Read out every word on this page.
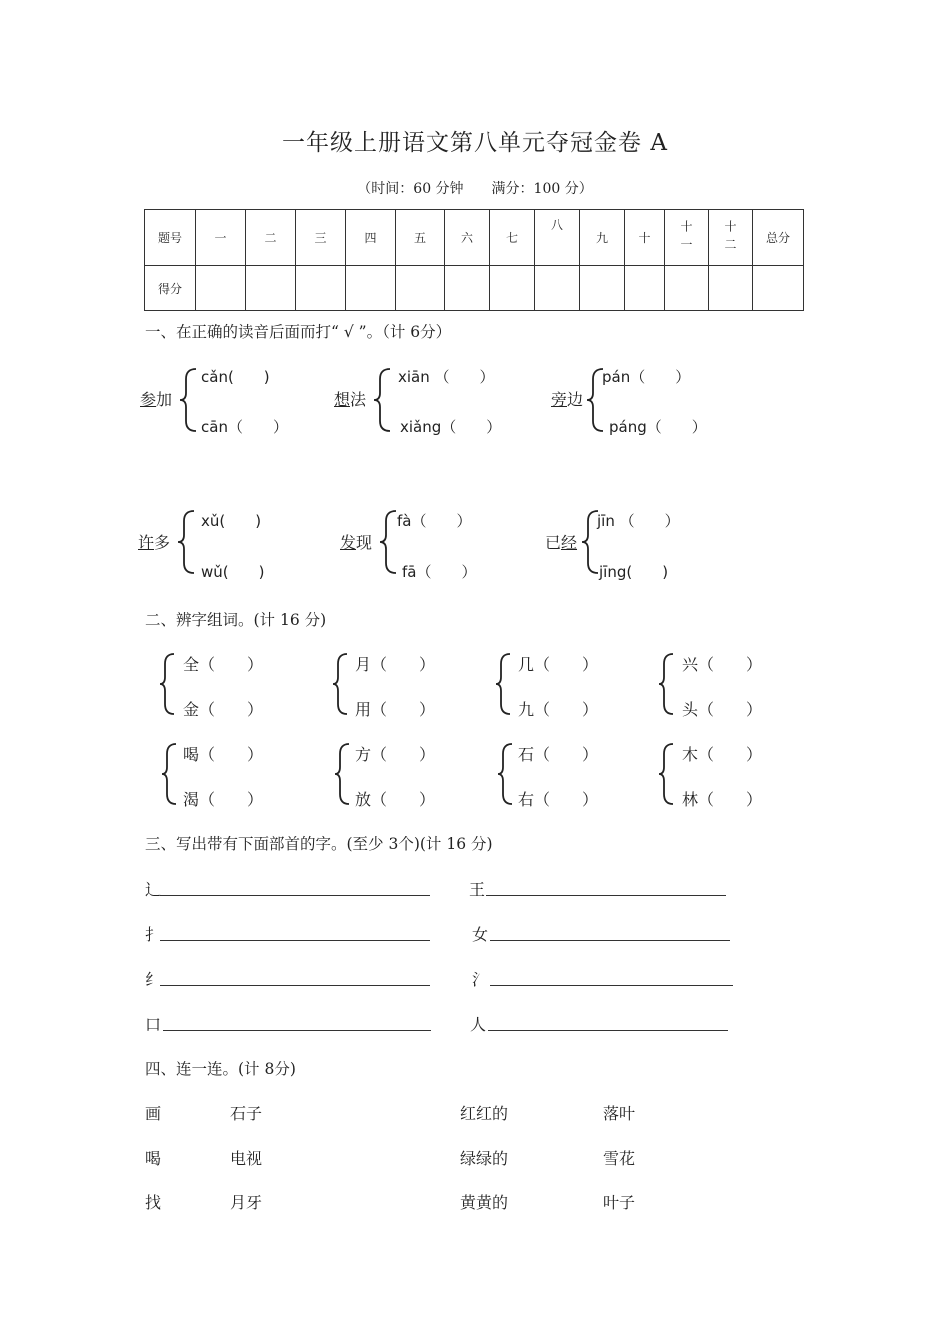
一年级上册语文第八单元夺冠金卷 A
（时间：60 分钟　　满分：100 分）
题号	一	二	三	四	五	六	七	八	九	十	十一	十二	总分
得分													
一、在正确的读音后面而打“ √ ”。（计 6分）
参加
cǎn(　　)
cān（　　）
想法
xiān （　　）
xiǎng（　　）
旁边
pán（　　）
páng（　　）
许多
xǔ(　　)
wǔ(　　)
发现
fà（　　）
fā（　　）
已经
jīn （　　）
jīng(　　)
二、辨字组词。(计 16 分)
全（　　）
金（　　）
月（　　）
用（　　）
几（　　）
九（　　）
兴（　　）
头（　　）
喝（　　）
渴（　　）
方（　　）
放（　　）
石（　　）
右（　　）
木（　　）
林（　　）
三、写出带有下面部首的字。(至少 3个)(计 16 分)
辶	王
扌	女
纟	氵
口	人
四、连一连。(计 8分)
画	石子	红红的	落叶
喝	电视	绿绿的	雪花
找	月牙	黄黄的	叶子
